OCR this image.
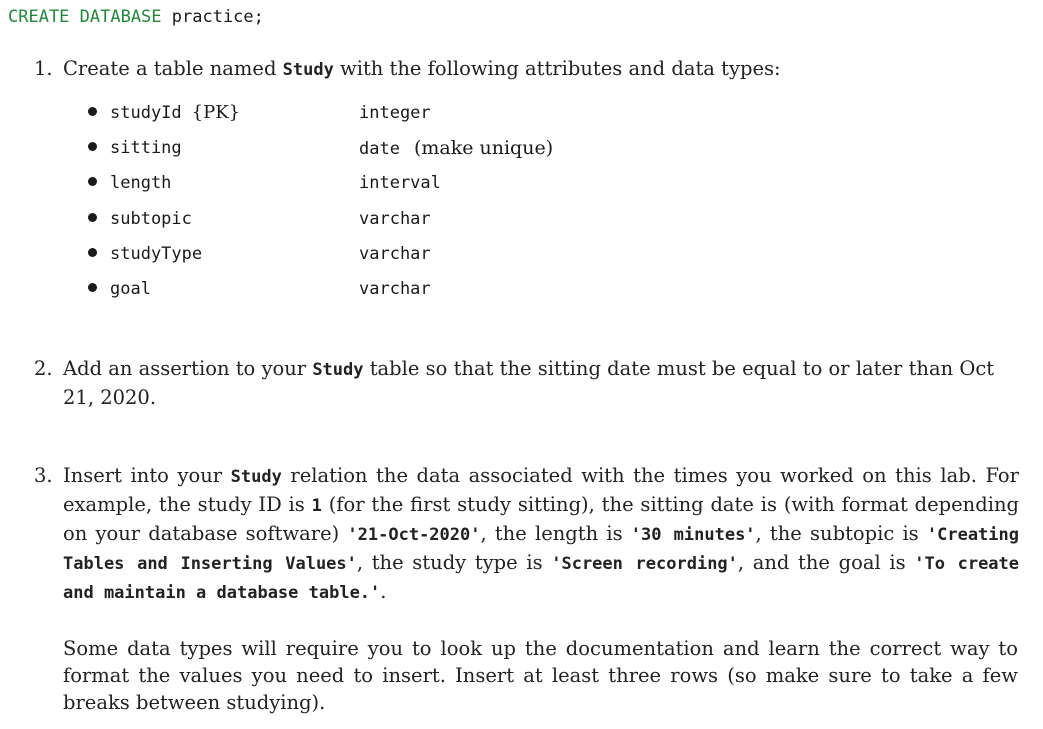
CREATE DATABASE practice;
1. Create a table named Study with the following attributes and data types:
studyId {PK}	integer
sitting	date (make unique)
length	interval
subtopic	varchar
studyType	varchar
goal	varchar
2. Add an assertion to your Study table so that the sitting date must be equal to or later than Oct 21, 2020.
3. Insert into your Study relation the data associated with the times you worked on this lab. For example, the study ID is 1 (for the first study sitting), the sitting date is (with format depending on your database software) '21-Oct-2020', the length is '30 minutes', the subtopic is 'Creating Tables and Inserting Values', the study type is 'Screen recording', and the goal is 'To create and maintain a database table.'.
Some data types will require you to look up the documentation and learn the correct way to format the values you need to insert. Insert at least three rows (so make sure to take a few breaks between studying).
